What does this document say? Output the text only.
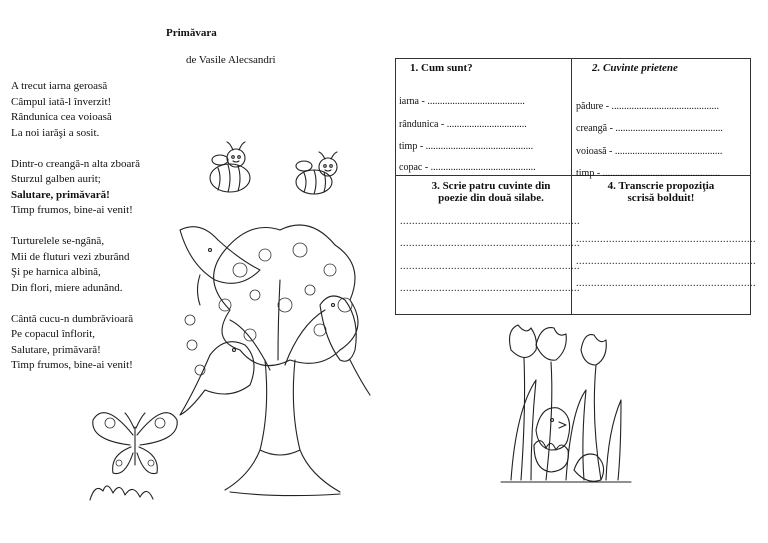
Primăvara
de Vasile Alecsandri
A trecut iarna geroasă
Câmpul iată-l înverzit!
Rândunica cea voioasă
La noi iarăşi a sosit.
Dintr-o creangă-n alta zboară
Sturzul galben aurit;
Salutare, primăvară!
Timp frumos, bine-ai venit!
Turturelele se-ngână,
Mii de fluturi vezi zburând
Şi pe harnica albină,
Din flori, miere adunând.
Cântă cucu-n dumbrăvioară
Pe copacul înflorit,
Salutare, primăvară!
Timp frumos, bine-ai venit!
1. Cum sunt?
iarna - .......................................
rândunica - ................................
timp - ...........................................
copac - ..........................................
2. Cuvinte prietene
pădure - ...........................................
creangă - ...........................................
voioasă - ...........................................
timp - ...............................................
3. Scrie patru cuvinte din
poezie din două silabe.
............................................................
............................................................
............................................................
............................................................
4. Transcrie propoziţia
scrisă bolduit!
............................................................
............................................................
............................................................
